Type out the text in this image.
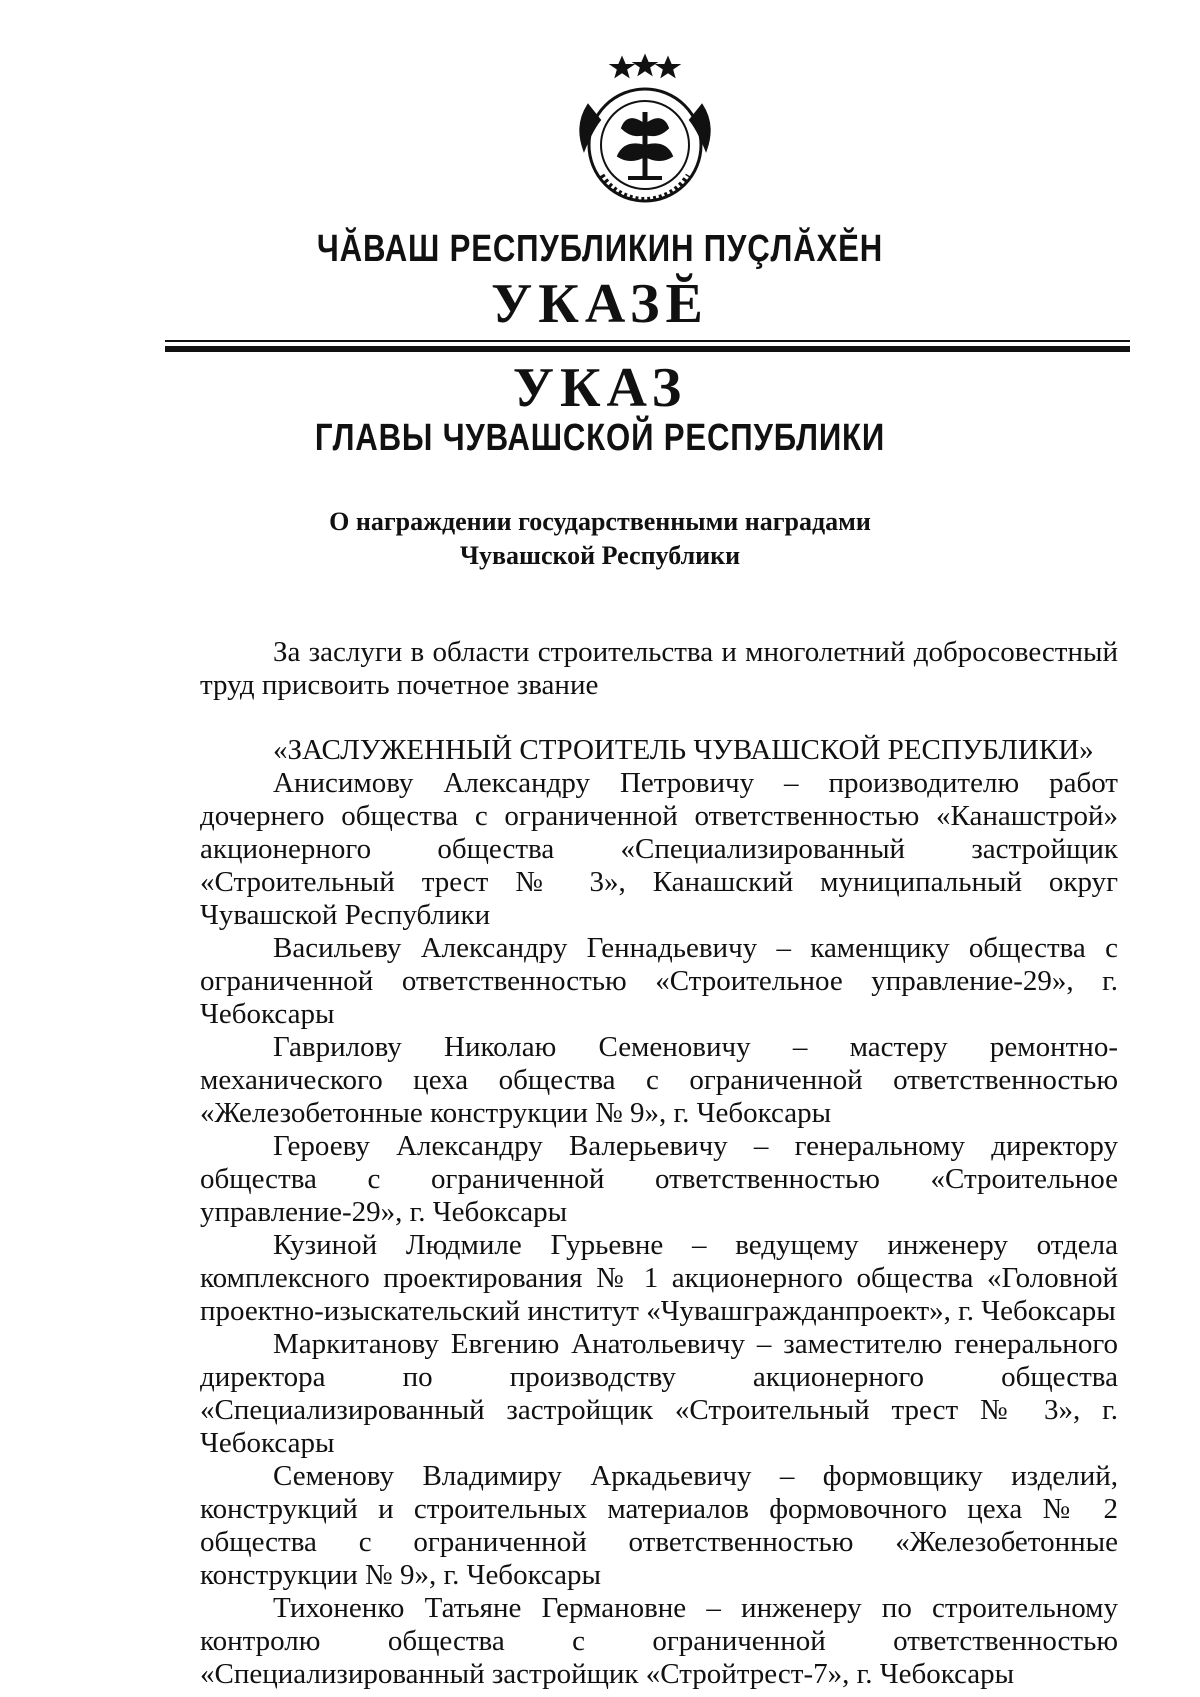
ЧĂВАШ РЕСПУБЛИКИН ПУÇЛĂХĔН
УКАЗĔ
УКАЗ
ГЛАВЫ ЧУВАШСКОЙ РЕСПУБЛИКИ
О награждении государственными наградами
Чувашской Республики

За заслуги в области строительства и многолетний добросовестный труд присвоить почетное звание

«ЗАСЛУЖЕННЫЙ СТРОИТЕЛЬ ЧУВАШСКОЙ РЕСПУБЛИКИ»

Анисимову Александру Петровичу – производителю работ дочернего общества с ограниченной ответственностью «Канашстрой» акционерного общества «Специализированный застройщик «Строительный трест № 3», Канашский муниципальный округ Чувашской Республики

Васильеву Александру Геннадьевичу – каменщику общества с ограниченной ответственностью «Строительное управление-29», г. Чебоксары

Гаврилову Николаю Семеновичу – мастеру ремонтно-механического цеха общества с ограниченной ответственностью «Железобетонные конструкции № 9», г. Чебоксары

Героеву Александру Валерьевичу – генеральному директору общества с ограниченной ответственностью «Строительное управление-29», г. Чебоксары

Кузиной Людмиле Гурьевне – ведущему инженеру отдела комплексного проектирования № 1 акционерного общества «Головной проектно-изыскательский институт «Чувашгражданпроект», г. Чебоксары

Маркитанову Евгению Анатольевичу – заместителю генерального директора по производству акционерного общества «Специализированный застройщик «Строительный трест № 3», г. Чебоксары

Семенову Владимиру Аркадьевичу – формовщику изделий, конструкций и строительных материалов формовочного цеха № 2 общества с ограниченной ответственностью «Железобетонные конструкции № 9», г. Чебоксары

Тихоненко Татьяне Германовне – инженеру по строительному контролю общества с ограниченной ответственностью «Специализированный застройщик «Стройтрест-7», г. Чебоксары
